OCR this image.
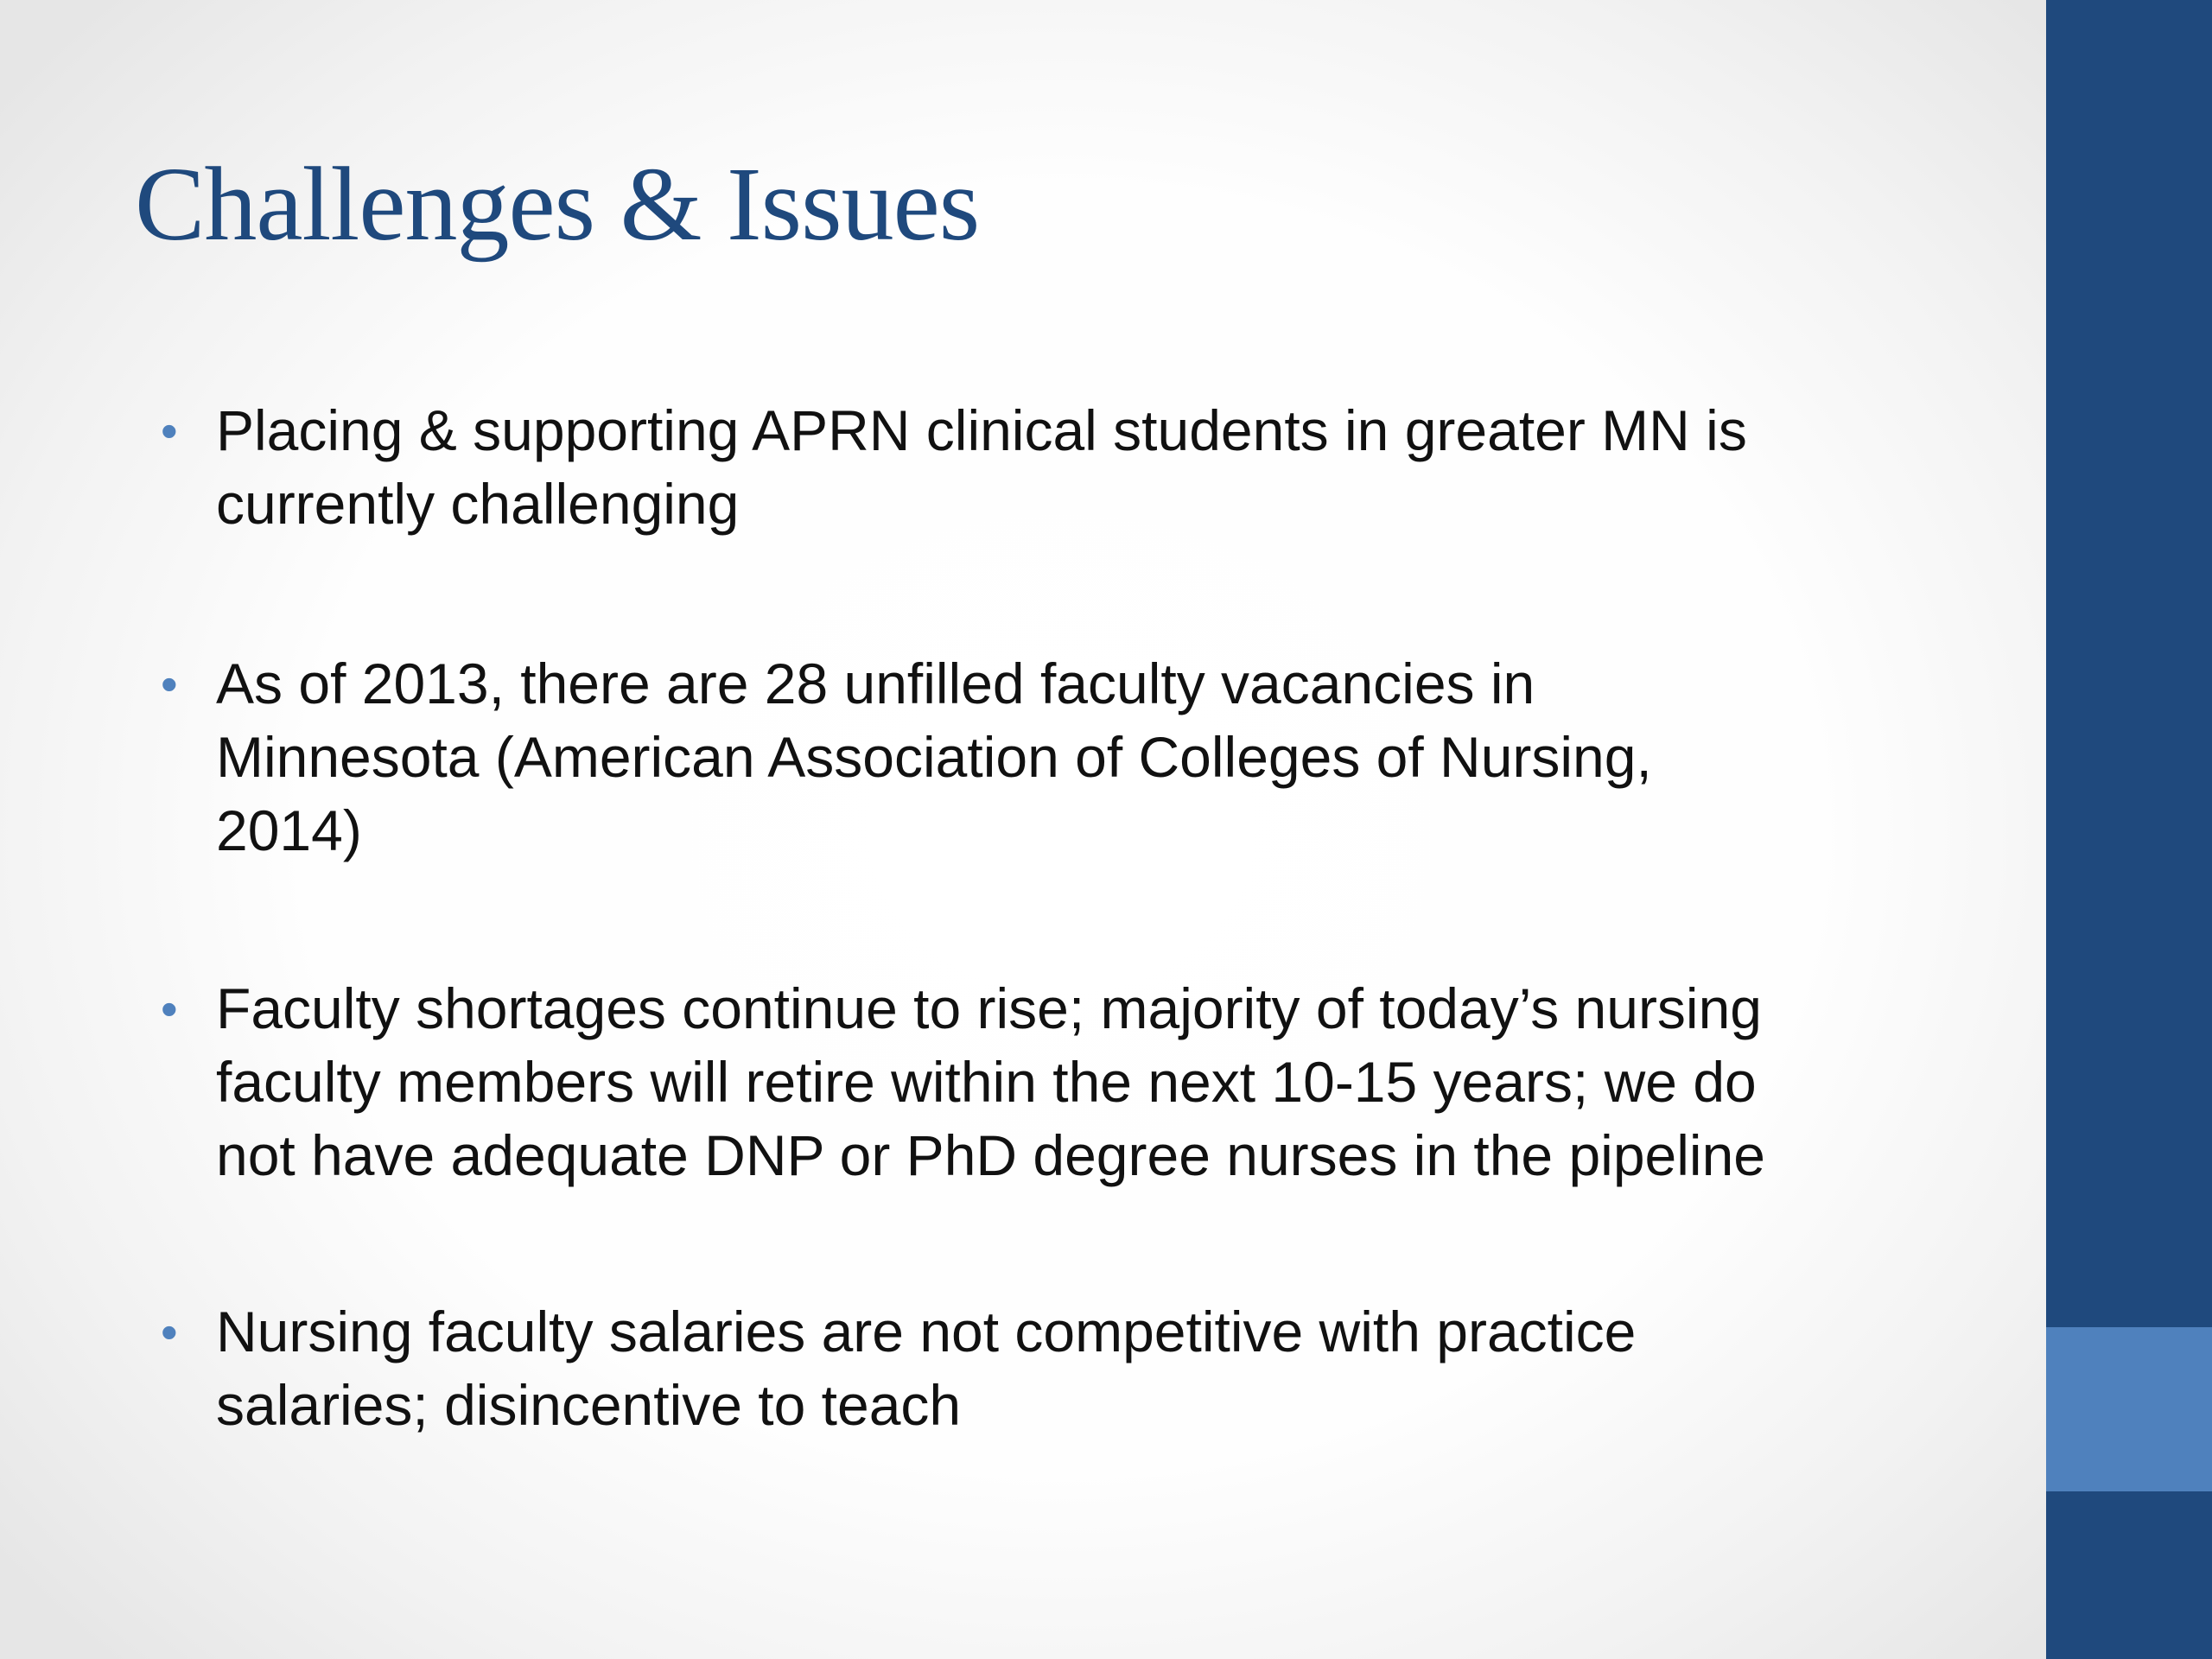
Challenges & Issues
• Placing & supporting APRN clinical students in greater MN is
currently challenging
• As of 2013, there are 28 unfilled faculty vacancies in
Minnesota (American Association of Colleges of Nursing,
2014)
• Faculty shortages continue to rise; majority of today’s nursing
faculty members will retire within the next 10-15 years; we do
not have adequate DNP or PhD degree nurses in the pipeline
• Nursing faculty salaries are not competitive with practice
salaries; disincentive to teach
